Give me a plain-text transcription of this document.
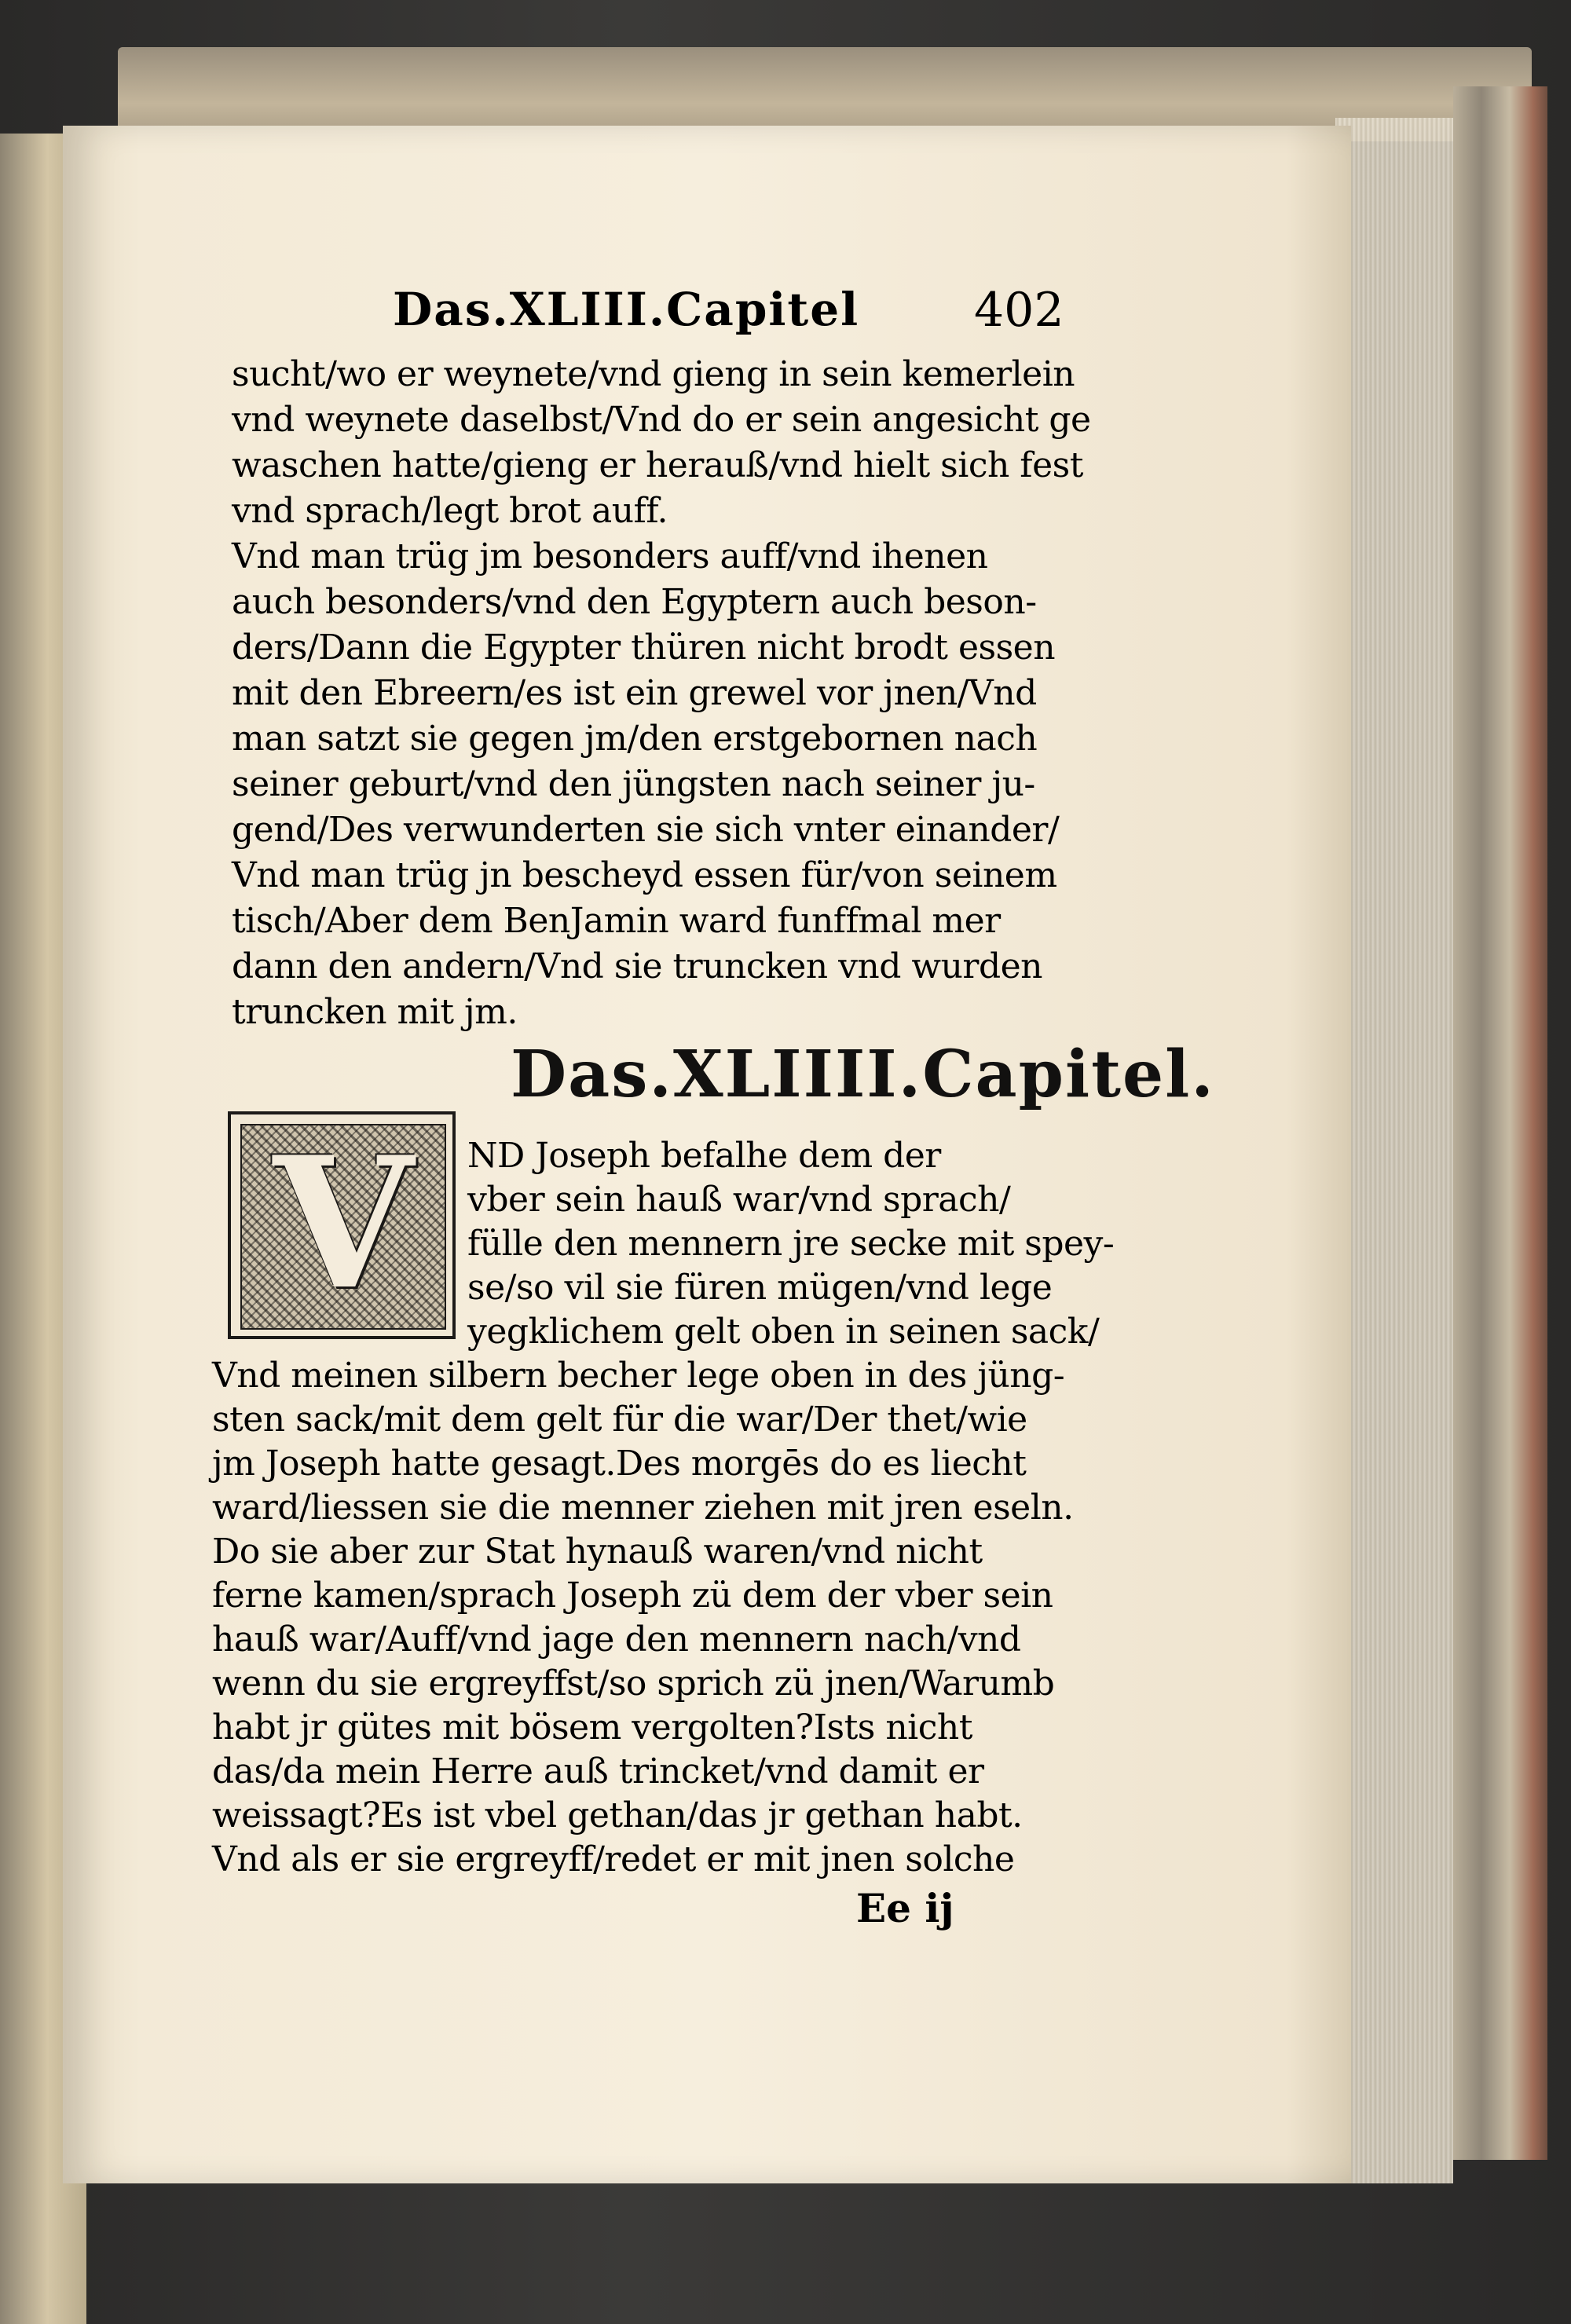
Das.XLIII.Capitel 402
sucht/wo er weynete/vnd gieng in sein kemerlein
vnd weynete daselbst/Vnd do er sein angesicht ge
waschen hatte/gieng er herauß/vnd hielt sich fest
vnd sprach/legt brot auff.
Vnd man trüg jm besonders auff/vnd ihenen
auch besonders/vnd den Egyptern auch beson-
ders/Dann die Egypter thüren nicht brodt essen
mit den Ebreern/es ist ein grewel vor jnen/Vnd
man satzt sie gegen jm/den erstgebornen nach
seiner geburt/vnd den jüngsten nach seiner ju-
gend/Des verwunderten sie sich vnter einander/
Vnd man trüg jn bescheyd essen für/von seinem
tisch/Aber dem BenJamin ward funffmal mer
dann den andern/Vnd sie truncken vnd wurden
truncken mit jm.
Das.XLIIII.Capitel.
V	ND Joseph befalhe dem der
vber sein hauß war/vnd sprach/
fülle den mennern jre secke mit spey-
se/so vil sie füren mügen/vnd lege
yegklichem gelt oben in seinen sack/
Vnd meinen silbern becher lege oben in des jüng-
sten sack/mit dem gelt für die war/Der thet/wie
jm Joseph hatte gesagt.Des morgēs do es liecht
ward/liessen sie die menner ziehen mit jren eseln.
Do sie aber zur Stat hynauß waren/vnd nicht
ferne kamen/sprach Joseph zü dem der vber sein
hauß war/Auff/vnd jage den mennern nach/vnd
wenn du sie ergreyffst/so sprich zü jnen/Warumb
habt jr gütes mit bösem vergolten?Ists nicht
das/da mein Herre auß trincket/vnd damit er
weissagt?Es ist vbel gethan/das jr gethan habt.
Vnd als er sie ergreyff/redet er mit jnen solche
Ee ij
